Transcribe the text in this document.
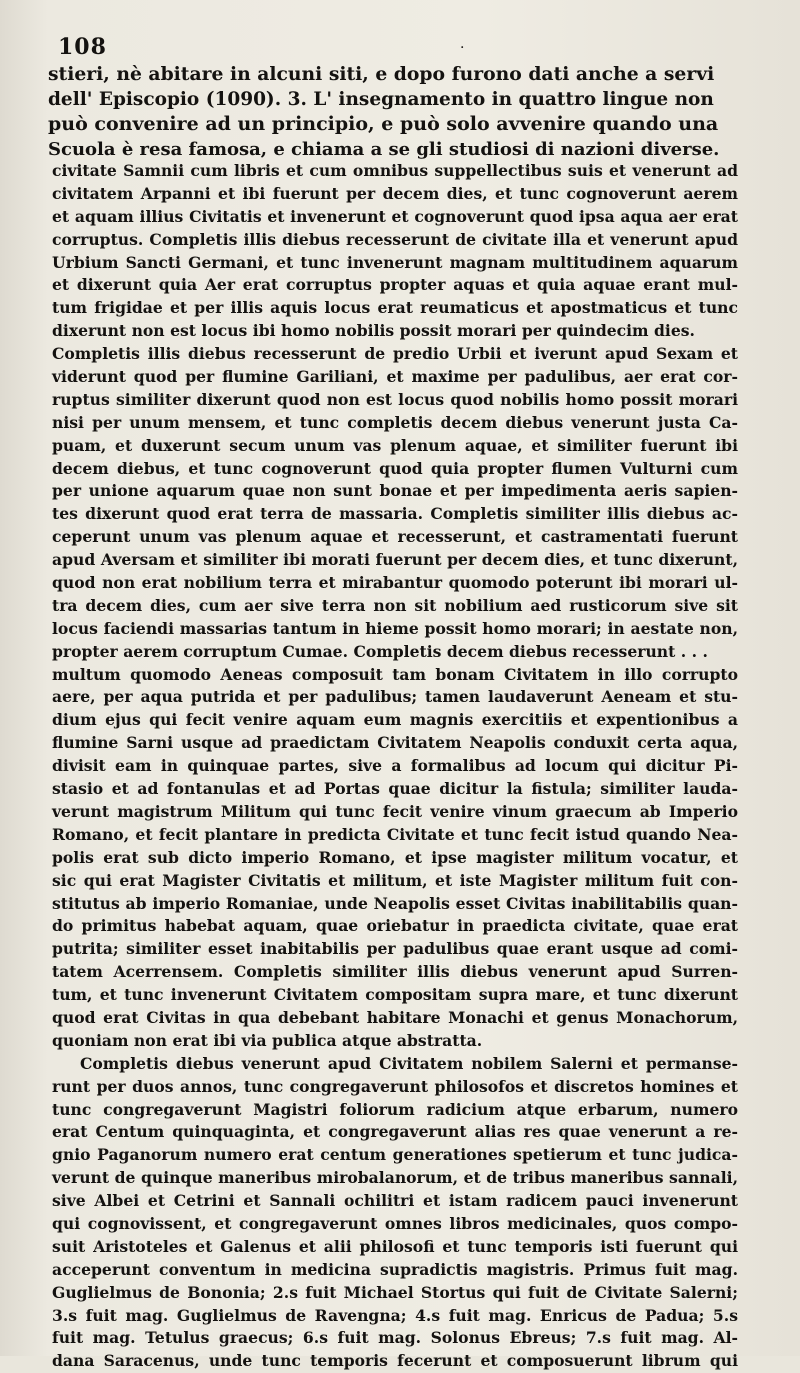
108	·
stieri, nè abitare in alcuni siti, e dopo furono dati anche a servi
dell' Episcopio (1090). 3. L' insegnamento in quattro lingue non
può convenire ad un principio, e può solo avvenire quando una
Scuola è resa famosa, e chiama a se gli studiosi di nazioni diverse.
civitate Samnii cum libris et cum omnibus suppellectibus suis et venerunt ad
civitatem Arpanni et ibi fuerunt per decem dies, et tunc cognoverunt aerem
et aquam illius Civitatis et invenerunt et cognoverunt quod ipsa aqua aer erat
corruptus. Completis illis diebus recesserunt de civitate illa et venerunt apud
Urbium Sancti Germani, et tunc invenerunt magnam multitudinem aquarum
et dixerunt quia Aer erat corruptus propter aquas et quia aquae erant mul-
tum frigidae et per illis aquis locus erat reumaticus et apostmaticus et tunc
dixerunt non est locus ibi homo nobilis possit morari per quindecim dies.
Completis illis diebus recesserunt de predio Urbii et iverunt apud Sexam et
viderunt quod per flumine Gariliani, et maxime per padulibus, aer erat cor-
ruptus similiter dixerunt quod non est locus quod nobilis homo possit morari
nisi per unum mensem, et tunc completis decem diebus venerunt justa Ca-
puam, et duxerunt secum unum vas plenum aquae, et similiter fuerunt ibi
decem diebus, et tunc cognoverunt quod quia propter flumen Vulturni cum
per unione aquarum quae non sunt bonae et per impedimenta aeris sapien-
tes dixerunt quod erat terra de massaria. Completis similiter illis diebus ac-
ceperunt unum vas plenum aquae et recesserunt, et castramentati fuerunt
apud Aversam et similiter ibi morati fuerunt per decem dies, et tunc dixerunt,
quod non erat nobilium terra et mirabantur quomodo poterunt ibi morari ul-
tra decem dies, cum aer sive terra non sit nobilium aed rusticorum sive sit
locus faciendi massarias tantum in hieme possit homo morari; in aestate non,
propter aerem corruptum Cumae. Completis decem diebus recesserunt . . .
multum quomodo Aeneas composuit tam bonam Civitatem in illo corrupto
aere, per aqua putrida et per padulibus; tamen laudaverunt Aeneam et stu-
dium ejus qui fecit venire aquam eum magnis exercitiis et expentionibus a
flumine Sarni usque ad praedictam Civitatem Neapolis conduxit certa aqua,
divisit eam in quinquae partes, sive a formalibus ad locum qui dicitur Pi-
stasio et ad fontanulas et ad Portas quae dicitur la fistula; similiter lauda-
verunt magistrum Militum qui tunc fecit venire vinum graecum ab Imperio
Romano, et fecit plantare in predicta Civitate et tunc fecit istud quando Nea-
polis erat sub dicto imperio Romano, et ipse magister militum vocatur, et
sic qui erat Magister Civitatis et militum, et iste Magister militum fuit con-
stitutus ab imperio Romaniae, unde Neapolis esset Civitas inabilitabilis quan-
do primitus habebat aquam, quae oriebatur in praedicta civitate, quae erat
putrita; similiter esset inabitabilis per padulibus quae erant usque ad comi-
tatem Acerrensem. Completis similiter illis diebus venerunt apud Surren-
tum, et tunc invenerunt Civitatem compositam supra mare, et tunc dixerunt
quod erat Civitas in qua debebant habitare Monachi et genus Monachorum,
quoniam non erat ibi via publica atque abstratta.
Completis diebus venerunt apud Civitatem nobilem Salerni et permanse-
runt per duos annos, tunc congregaverunt philosofos et discretos homines et
tunc congregaverunt Magistri foliorum radicium atque erbarum, numero
erat Centum quinquaginta, et congregaverunt alias res quae venerunt a re-
gnio Paganorum numero erat centum generationes spetierum et tunc judica-
verunt de quinque maneribus mirobalanorum, et de tribus maneribus sannali,
sive Albei et Cetrini et Sannali ochilitri et istam radicem pauci invenerunt
qui cognovissent, et congregaverunt omnes libros medicinales, quos compo-
suit Aristoteles et Galenus et alii philosofi et tunc temporis isti fuerunt qui
acceperunt conventum in medicina supradictis magistris. Primus fuit mag.
Guglielmus de Bononia; 2.s fuit Michael Stortus qui fuit de Civitate Salerni;
3.s fuit mag. Guglielmus de Ravengna; 4.s fuit mag. Enricus de Padua; 5.s
fuit mag. Tetulus graecus; 6.s fuit mag. Solonus Ebreus; 7.s fuit mag. Al-
dana Saracenus, unde tunc temporis fecerunt et composuerunt librum qui
